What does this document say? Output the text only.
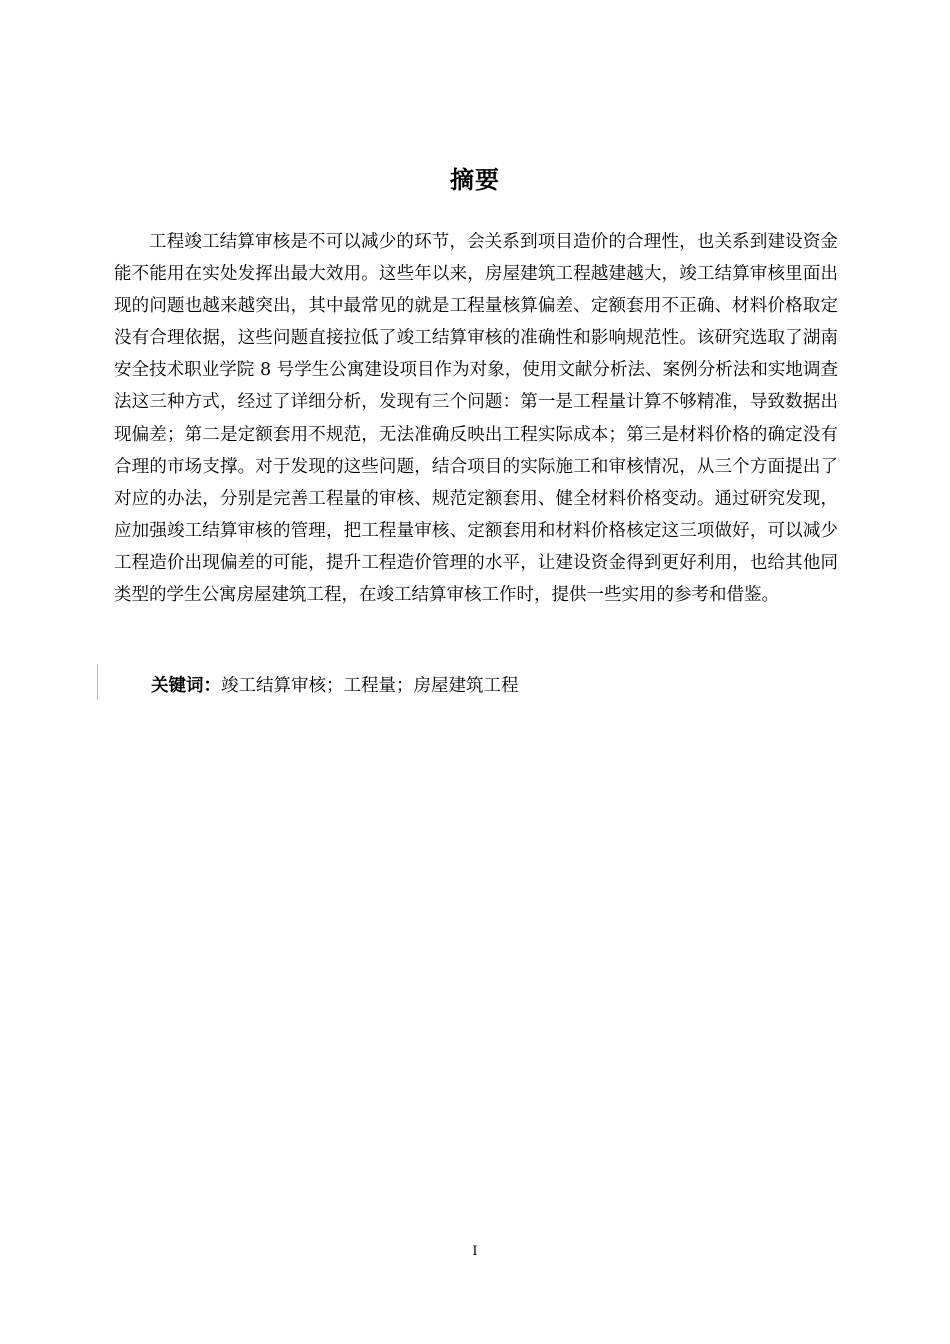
摘要

工程竣工结算审核是不可以减少的环节，会关系到项目造价的合理性，也关系到建设资金能不能用在实处发挥出最大效用。这些年以来，房屋建筑工程越建越大，竣工结算审核里面出现的问题也越来越突出，其中最常见的就是工程量核算偏差、定额套用不正确、材料价格取定没有合理依据，这些问题直接拉低了竣工结算审核的准确性和影响规范性。该研究选取了湖南安全技术职业学院 8 号学生公寓建设项目作为对象，使用文献分析法、案例分析法和实地调查法这三种方式，经过了详细分析，发现有三个问题：第一是工程量计算不够精准，导致数据出现偏差；第二是定额套用不规范，无法准确反映出工程实际成本；第三是材料价格的确定没有合理的市场支撑。对于发现的这些问题，结合项目的实际施工和审核情况，从三个方面提出了对应的办法，分别是完善工程量的审核、规范定额套用、健全材料价格变动。通过研究发现，应加强竣工结算审核的管理，把工程量审核、定额套用和材料价格核定这三项做好，可以减少工程造价出现偏差的可能，提升工程造价管理的水平，让建设资金得到更好利用，也给其他同类型的学生公寓房屋建筑工程，在竣工结算审核工作时，提供一些实用的参考和借鉴。

关键词：竣工结算审核；工程量；房屋建筑工程
I
